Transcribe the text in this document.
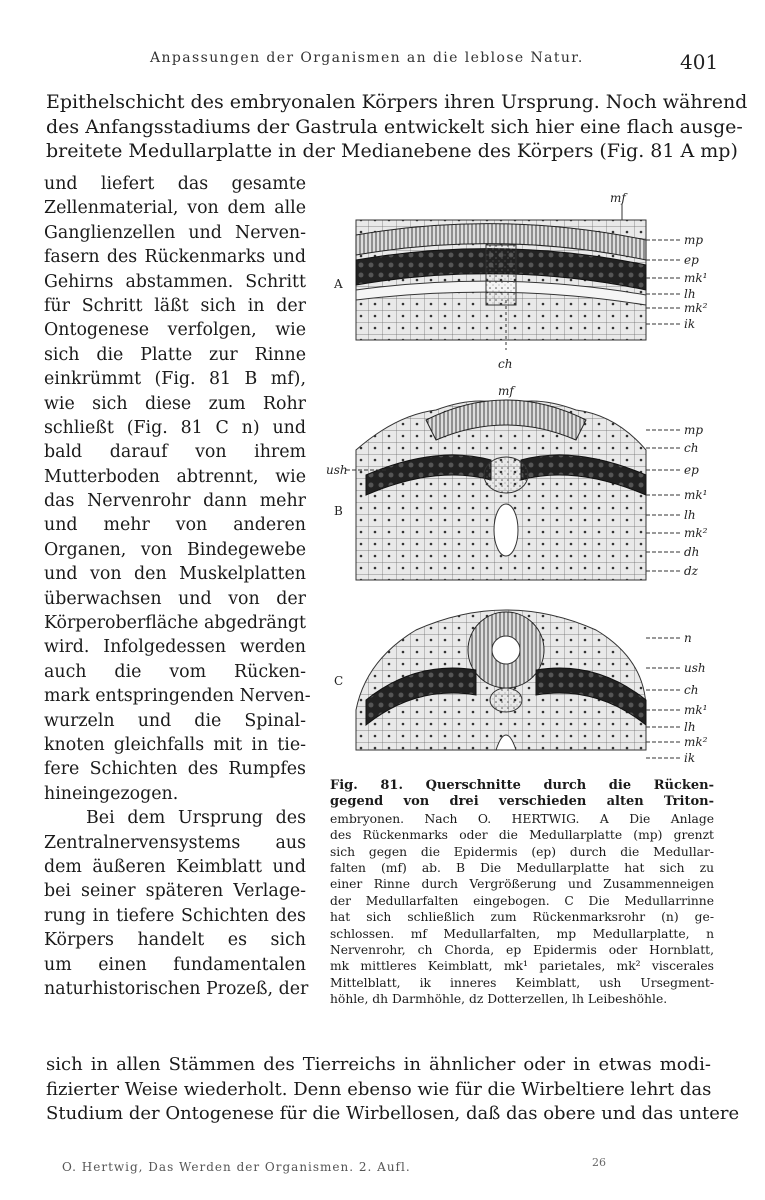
Anpassungen der Organismen an die leblose Natur.	401
Epithelschicht des embryonalen Körpers ihren Ursprung. Noch während
des Anfangsstadiums der Gastrula entwickelt sich hier eine flach ausge-
breitete Medullarplatte in der Medianebene des Körpers (Fig. 81 A mp)
und liefert das gesamte
Zellenmaterial, von dem alle
Ganglienzellen und Nerven-
fasern des Rückenmarks und
Gehirns abstammen. Schritt
für Schritt läßt sich in der
Ontogenese verfolgen, wie
sich die Platte zur Rinne
einkrümmt (Fig. 81 B mf),
wie sich diese zum Rohr
schließt (Fig. 81 C n) und
bald darauf von ihrem
Mutterboden abtrennt, wie
das Nervenrohr dann mehr
und mehr von anderen
Organen, von Bindegewebe
und von den Muskelplatten
überwachsen und von der
Körperoberfläche abgedrängt
wird. Infolgedessen werden
auch die vom Rücken-
mark entspringenden Nerven-
wurzeln und die Spinal-
knoten gleichfalls mit in tie-
fere Schichten des Rumpfes
hineingezogen.
Bei dem Ursprung des
Zentralnervensystems aus
dem äußeren Keimblatt und
bei seiner späteren Verlage-
rung in tiefere Schichten des
Körpers handelt es sich
um einen fundamentalen
naturhistorischen Prozeß, der
A
B
C
mf
mf
ch
ush
mp
ep
mk¹
lh
mk²
ik
mp
ch
ep
mk¹
lh
mk²
dh
dz
n
ush
ch
mk¹
lh
mk²
ik
Fig. 81. Querschnitte durch die Rücken-
gegend von drei verschieden alten Triton-
embryonen. Nach O. HERTWIG. A Die Anlage
des Rückenmarks oder die Medullarplatte (mp) grenzt
sich gegen die Epidermis (ep) durch die Medullar-
falten (mf) ab. B Die Medullarplatte hat sich zu
einer Rinne durch Vergrößerung und Zusammenneigen
der Medullarfalten eingebogen. C Die Medullarrinne
hat sich schließlich zum Rückenmarksrohr (n) ge-
schlossen. mf Medullarfalten, mp Medullarplatte, n
Nervenrohr, ch Chorda, ep Epidermis oder Hornblatt,
mk mittleres Keimblatt, mk¹ parietales, mk² viscerales
Mittelblatt, ik inneres Keimblatt, ush Ursegment-
höhle, dh Darmhöhle, dz Dotterzellen, lh Leibeshöhle.
sich in allen Stämmen des Tierreichs in ähnlicher oder in etwas modi-
fizierter Weise wiederholt. Denn ebenso wie für die Wirbeltiere lehrt das
Studium der Ontogenese für die Wirbellosen, daß das obere und das untere
O. Hertwig, Das Werden der Organismen. 2. Aufl.	26
